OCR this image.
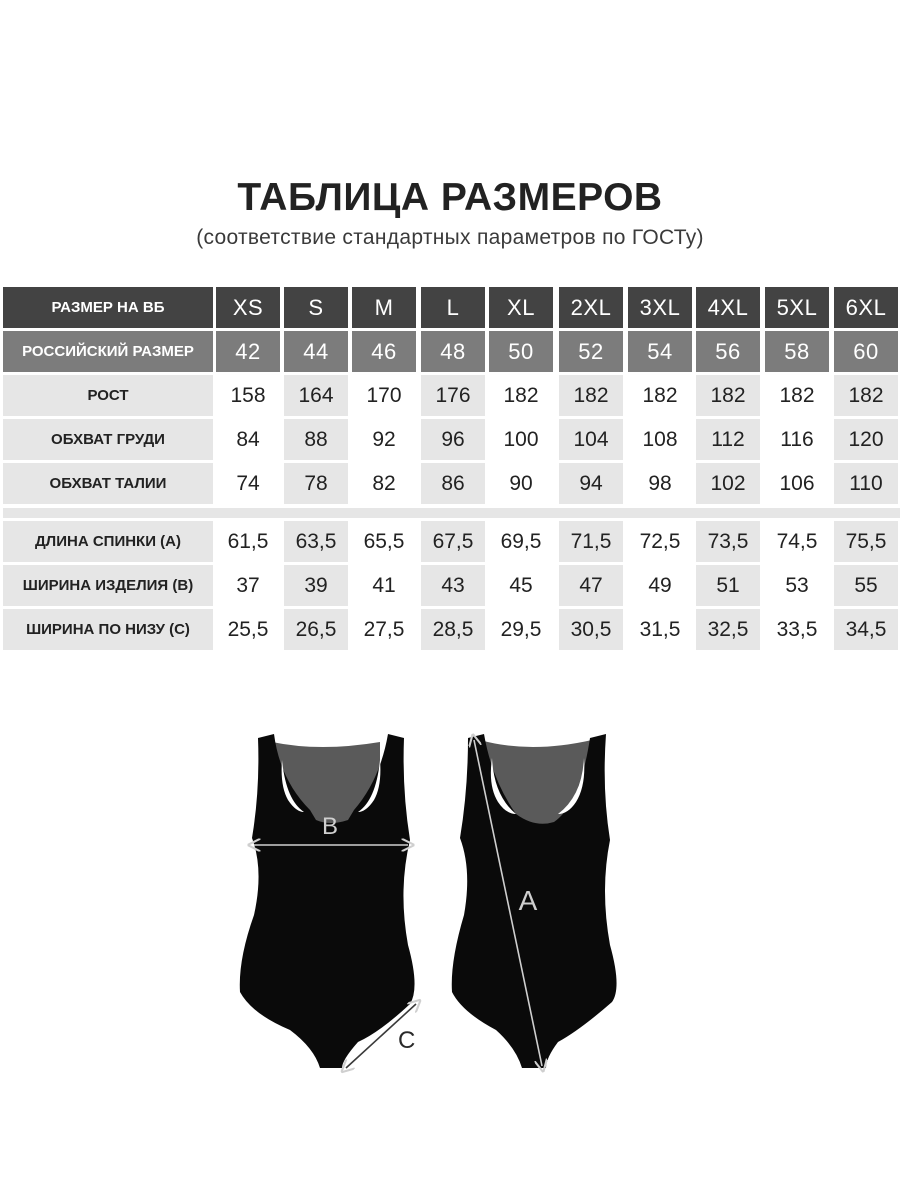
ТАБЛИЦА РАЗМЕРОВ
(соответствие стандартных параметров по ГОСТу)
РАЗМЕР НА ВБ	XS	S	M	L	XL	2XL	3XL	4XL	5XL	6XL
РОССИЙСКИЙ РАЗМЕР	42	44	46	48	50	52	54	56	58	60
РОСТ	158	164	170	176	182	182	182	182	182	182
ОБХВАТ ГРУДИ	84	88	92	96	100	104	108	112	116	120
ОБХВАТ ТАЛИИ	74	78	82	86	90	94	98	102	106	110
ДЛИНА СПИНКИ (A)	61,5	63,5	65,5	67,5	69,5	71,5	72,5	73,5	74,5	75,5
ШИРИНА ИЗДЕЛИЯ (B)	37	39	41	43	45	47	49	51	53	55
ШИРИНА ПО НИЗУ (C)	25,5	26,5	27,5	28,5	29,5	30,5	31,5	32,5	33,5	34,5
B
C
A
